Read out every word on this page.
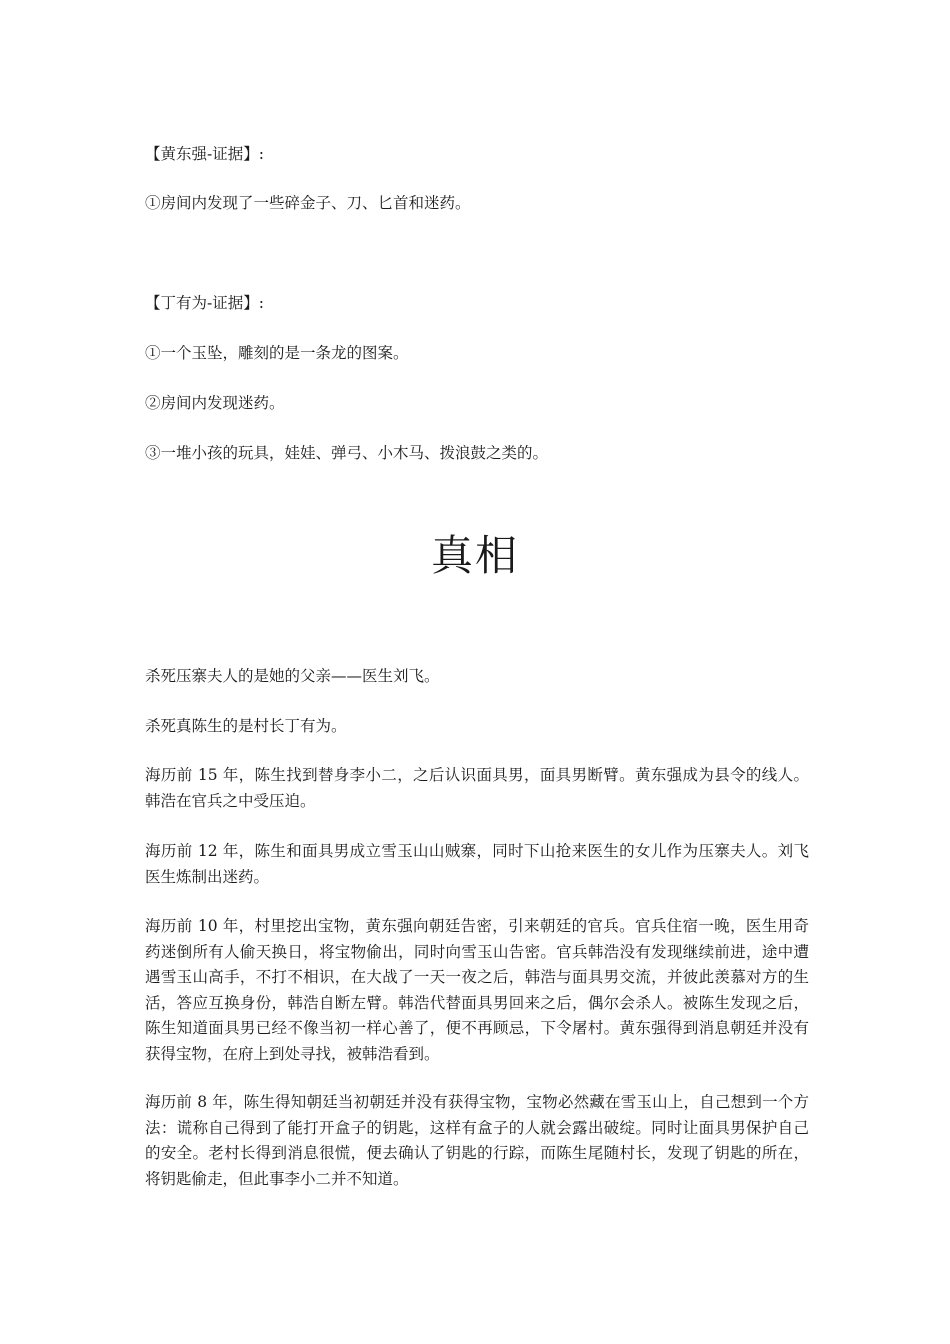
【黄东强-证据】:

①房间内发现了一些碎金子、刀、匕首和迷药。

【丁有为-证据】:

①一个玉坠，雕刻的是一条龙的图案。

②房间内发现迷药。

③一堆小孩的玩具，娃娃、弹弓、小木马、拨浪鼓之类的。

真相

杀死压寨夫人的是她的父亲——医生刘飞。

杀死真陈生的是村长丁有为。

海历前 15 年，陈生找到替身李小二，之后认识面具男，面具男断臂。黄东强成为县令的线人。韩浩在官兵之中受压迫。

海历前 12 年，陈生和面具男成立雪玉山山贼寨，同时下山抢来医生的女儿作为压寨夫人。刘飞医生炼制出迷药。

海历前 10 年，村里挖出宝物，黄东强向朝廷告密，引来朝廷的官兵。官兵住宿一晚，医生用奇药迷倒所有人偷天换日，将宝物偷出，同时向雪玉山告密。官兵韩浩没有发现继续前进，途中遭遇雪玉山高手，不打不相识，在大战了一天一夜之后，韩浩与面具男交流，并彼此羡慕对方的生活，答应互换身份，韩浩自断左臂。韩浩代替面具男回来之后，偶尔会杀人。被陈生发现之后，陈生知道面具男已经不像当初一样心善了，便不再顾忌，下令屠村。黄东强得到消息朝廷并没有获得宝物，在府上到处寻找，被韩浩看到。

海历前 8 年，陈生得知朝廷当初朝廷并没有获得宝物，宝物必然藏在雪玉山上，自己想到一个方法：谎称自己得到了能打开盒子的钥匙，这样有盒子的人就会露出破绽。同时让面具男保护自己的安全。老村长得到消息很慌，便去确认了钥匙的行踪，而陈生尾随村长，发现了钥匙的所在，将钥匙偷走，但此事李小二并不知道。
